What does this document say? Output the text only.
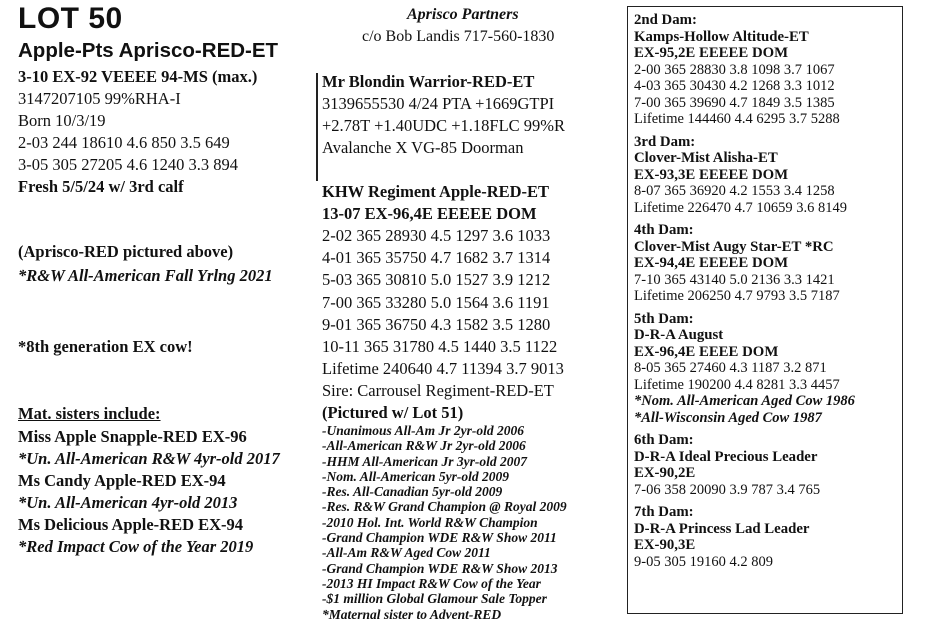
LOT 50
Apple-Pts Aprisco-RED-ET
3-10 EX-92 VEEEE 94-MS (max.)
3147207105 99%RHA-I
Born 10/3/19
2-03 244 18610 4.6 850 3.5 649
3-05 305 27205 4.6 1240 3.3 894
Fresh 5/5/24 w/ 3rd calf
(Aprisco-RED pictured above)
*R&W All-American Fall Yrlng 2021
*8th generation EX cow!
Mat. sisters include:
Miss Apple Snapple-RED EX-96
*Un. All-American R&W 4yr-old 2017
Ms Candy Apple-RED EX-94
*Un. All-American 4yr-old 2013
Ms Delicious Apple-RED EX-94
*Red Impact Cow of the Year 2019
Aprisco Partners
c/o Bob Landis 717-560-1830
Mr Blondin Warrior-RED-ET
3139655530 4/24 PTA +1669GTPI
+2.78T +1.40UDC +1.18FLC 99%R
Avalanche X VG-85 Doorman
KHW Regiment Apple-RED-ET
13-07 EX-96,4E EEEEE DOM
2-02 365 28930 4.5 1297 3.6 1033
4-01 365 35750 4.7 1682 3.7 1314
5-03 365 30810 5.0 1527 3.9 1212
7-00 365 33280 5.0 1564 3.6 1191
9-01 365 36750 4.3 1582 3.5 1280
10-11 365 31780 4.5 1440 3.5 1122
Lifetime 240640 4.7 11394 3.7 9013
Sire: Carrousel Regiment-RED-ET
(Pictured w/ Lot 51)
-Unanimous All-Am Jr 2yr-old 2006
-All-American R&W Jr 2yr-old 2006
-HHM All-American Jr 3yr-old 2007
-Nom. All-American 5yr-old 2009
-Res. All-Canadian 5yr-old 2009
-Res. R&W Grand Champion @ Royal 2009
-2010 Hol. Int. World R&W Champion
-Grand Champion WDE R&W Show 2011
-All-Am R&W Aged Cow 2011
-Grand Champion WDE R&W Show 2013
-2013 HI Impact R&W Cow of the Year
-$1 million Global Glamour Sale Topper
*Maternal sister to Advent-RED
2nd Dam:
Kamps-Hollow Altitude-ET
EX-95,2E EEEEE DOM
2-00 365 28830 3.8 1098 3.7 1067
4-03 365 30430 4.2 1268 3.3 1012
7-00 365 39690 4.7 1849 3.5 1385
Lifetime 144460 4.4 6295 3.7 5288
3rd Dam:
Clover-Mist Alisha-ET
EX-93,3E EEEEE DOM
8-07 365 36920 4.2 1553 3.4 1258
Lifetime 226470 4.7 10659 3.6 8149
4th Dam:
Clover-Mist Augy Star-ET *RC
EX-94,4E EEEEE DOM
7-10 365 43140 5.0 2136 3.3 1421
Lifetime 206250 4.7 9793 3.5 7187
5th Dam:
D-R-A August
EX-96,4E EEEE DOM
8-05 365 27460 4.3 1187 3.2 871
Lifetime 190200 4.4 8281 3.3 4457
*Nom. All-American Aged Cow 1986
*All-Wisconsin Aged Cow 1987
6th Dam:
D-R-A Ideal Precious Leader
EX-90,2E
7-06 358 20090 3.9 787 3.4 765
7th Dam:
D-R-A Princess Lad Leader
EX-90,3E
9-05 305 19160 4.2 809
